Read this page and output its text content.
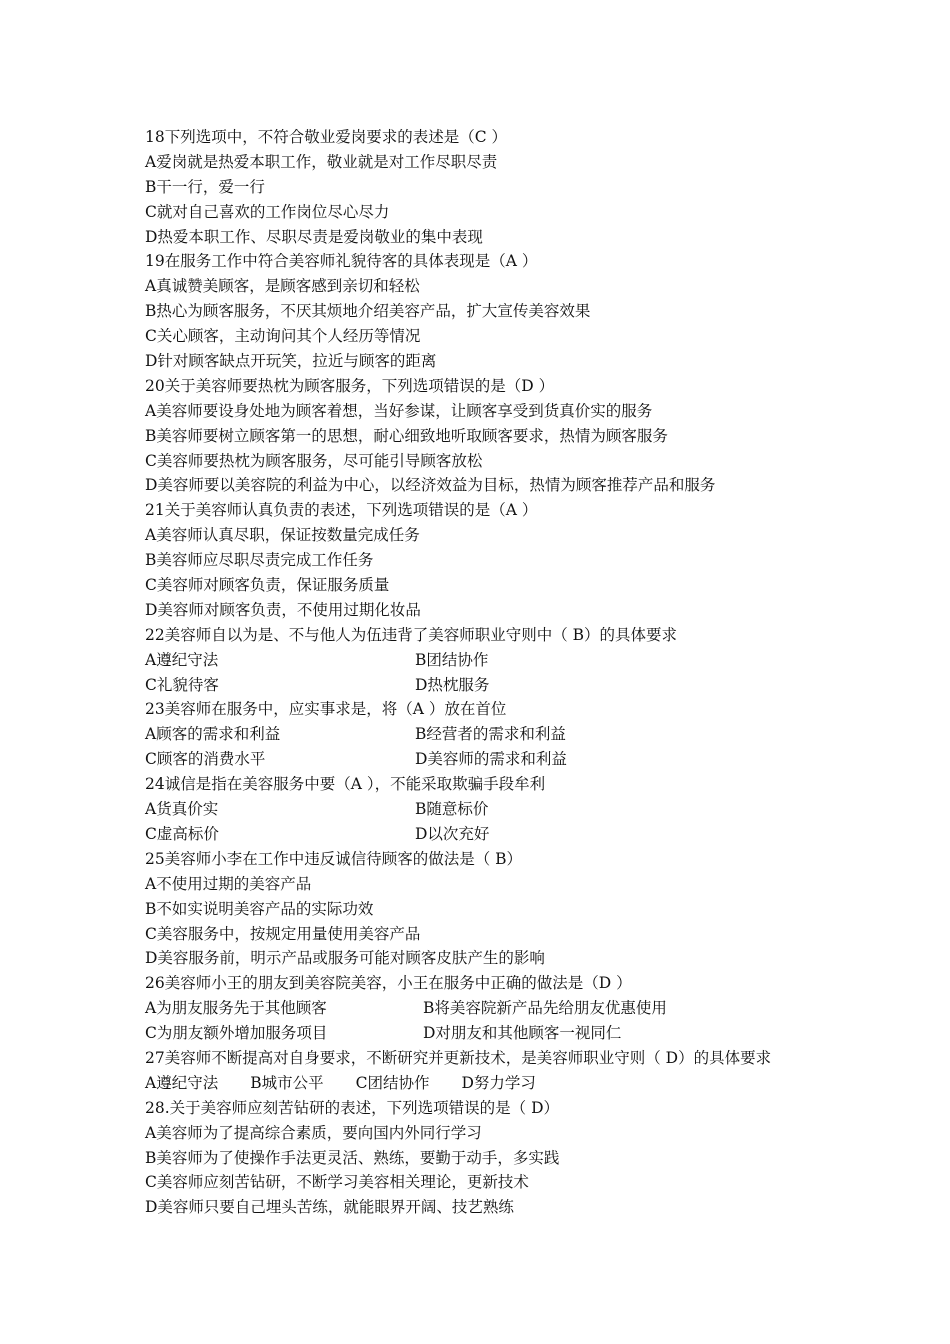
18下列选项中，不符合敬业爱岗要求的表述是（C ）
A爱岗就是热爱本职工作，敬业就是对工作尽职尽责
B干一行，爱一行
C就对自己喜欢的工作岗位尽心尽力
D热爱本职工作、尽职尽责是爱岗敬业的集中表现
19在服务工作中符合美容师礼貌待客的具体表现是（A ）
A真诚赞美顾客，是顾客感到亲切和轻松
B热心为顾客服务，不厌其烦地介绍美容产品，扩大宣传美容效果
C关心顾客，主动询问其个人经历等情况
D针对顾客缺点开玩笑，拉近与顾客的距离
20关于美容师要热枕为顾客服务，下列选项错误的是（D ）
A美容师要设身处地为顾客着想，当好参谋，让顾客享受到货真价实的服务
B美容师要树立顾客第一的思想，耐心细致地听取顾客要求，热情为顾客服务
C美容师要热枕为顾客服务，尽可能引导顾客放松
D美容师要以美容院的利益为中心，以经济效益为目标，热情为顾客推荐产品和服务
21关于美容师认真负责的表述，下列选项错误的是（A ）
A美容师认真尽职，保证按数量完成任务
B美容师应尽职尽责完成工作任务
C美容师对顾客负责，保证服务质量
D美容师对顾客负责，不使用过期化妆品
22美容师自以为是、不与他人为伍违背了美容师职业守则中（ B）的具体要求
A遵纪守法	B团结协作
C礼貌待客	D热枕服务
23美容师在服务中，应实事求是，将（A ）放在首位
A顾客的需求和利益	B经营者的需求和利益
C顾客的消费水平	D美容师的需求和利益
24诚信是指在美容服务中要（A ），不能采取欺骗手段牟利
A货真价实	B随意标价
C虚高标价	D以次充好
25美容师小李在工作中违反诚信待顾客的做法是（ B）
A不使用过期的美容产品
B不如实说明美容产品的实际功效
C美容服务中，按规定用量使用美容产品
D美容服务前，明示产品或服务可能对顾客皮肤产生的影响
26美容师小王的朋友到美容院美容，小王在服务中正确的做法是（D ）
A为朋友服务先于其他顾客	B将美容院新产品先给朋友优惠使用
C为朋友额外增加服务项目	D对朋友和其他顾客一视同仁
27美容师不断提高对自身要求，不断研究并更新技术，是美容师职业守则（ D）的具体要求
A遵纪守法 B城市公平 C团结协作 D努力学习
28.关于美容师应刻苦钻研的表述，下列选项错误的是（ D）
A美容师为了提高综合素质，要向国内外同行学习
B美容师为了使操作手法更灵活、熟练，要勤于动手，多实践
C美容师应刻苦钻研，不断学习美容相关理论，更新技术
D美容师只要自己埋头苦练，就能眼界开阔、技艺熟练
